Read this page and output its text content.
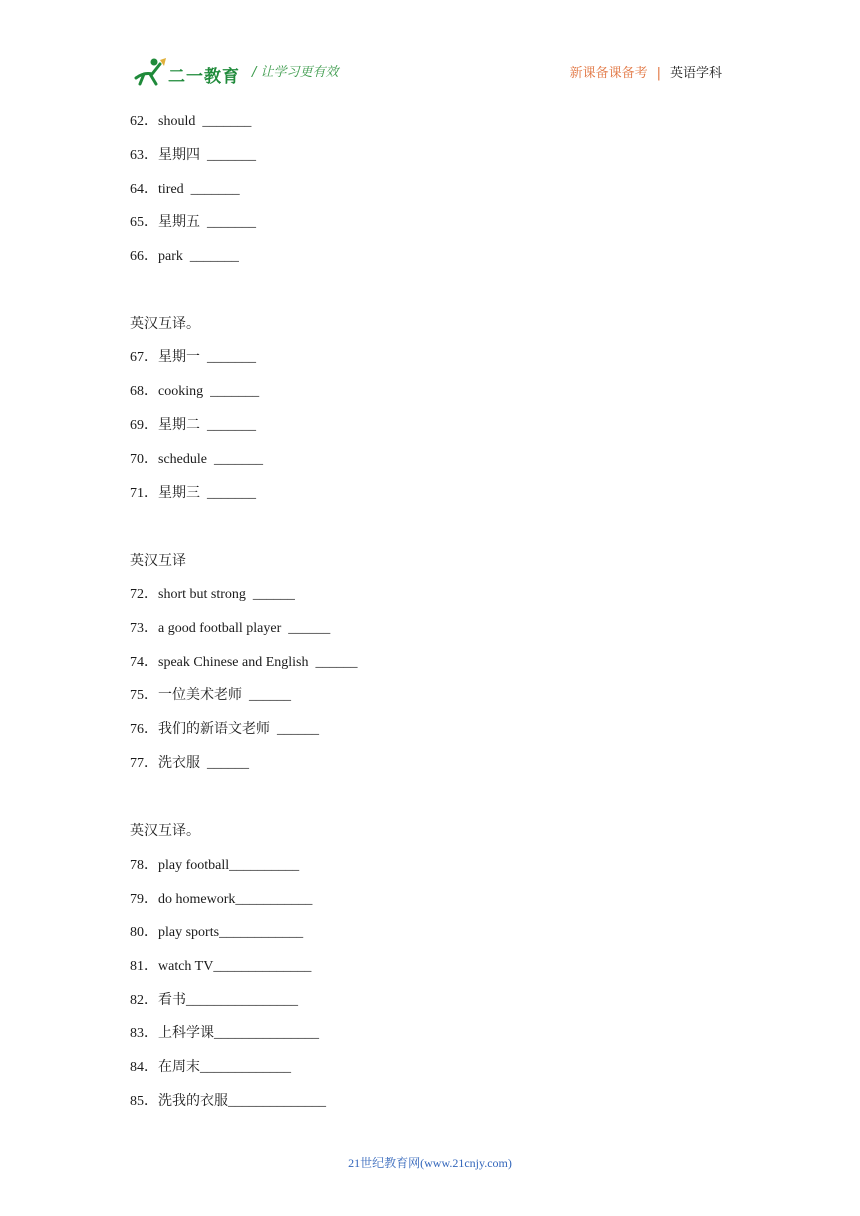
二一教育 / 让学习更有效	新课备课备考 | 英语学科
62．should _______
63．星期四 _______
64．tired _______
65．星期五 _______
66．park _______
英汉互译。
67．星期一 _______
68．cooking _______
69．星期二 _______
70．schedule _______
71．星期三 _______
英汉互译
72．short but strong ______
73．a good football player ______
74．speak Chinese and English ______
75．一位美术老师 ______
76．我们的新语文老师 ______
77．洗衣服 ______
英汉互译。
78．play football__________
79．do homework___________
80．play sports____________
81．watch TV______________
82．看书________________
83．上科学课_______________
84．在周末_____________
85．洗我的衣服______________
21世纪教育网(www.21cnjy.com)
